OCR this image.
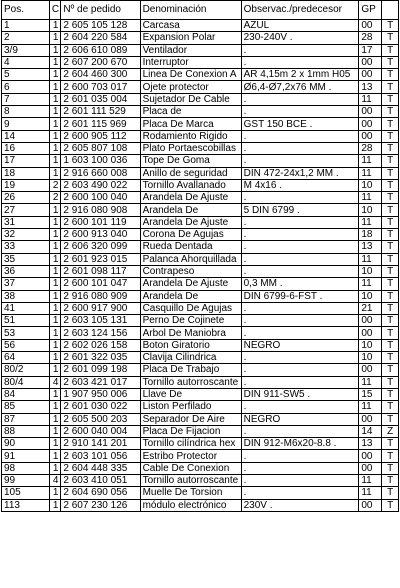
Pos.	C	Nº de pedido	Denominación	Observac./predecesor	GP	
1	1	2 605 105 128	Carcasa	AZUL	00	T
2	1	2 604 220 584	Expansion Polar	230-240V .	28	T
3/9	1	2 606 610 089	Ventilador	.	17	T
4	1	2 607 200 670	Interruptor	.	00	T
5	1	2 604 460 300	Linea De Conexion A	AR 4,15m 2 x 1mm H05	00	T
6	1	2 600 703 017	Ojete protector	Ø6,4-Ø7,2x76 MM .	13	T
7	1	2 601 035 004	Sujetador De Cable	.	11	T
8	1	2 601 111 529	Placa de	.	00	T
9	1	2 601 115 969	Placa De Marca	GST 150 BCE .	00	T
14	1	2 600 905 112	Rodamiento Rigido	.	00	T
16	1	2 605 807 108	Plato Portaescobillas	.	28	T
17	1	1 603 100 036	Tope De Goma	.	11	T
18	1	2 916 660 008	Anillo de seguridad	DIN 472-24x1,2 MM .	11	T
19	2	2 603 490 022	Tornillo Avallanado	M 4x16 .	10	T
26	2	2 600 100 040	Arandela De Ajuste	.	11	T
27	1	2 916 080 908	Arandela De	5 DIN 6799 .	10	T
31	1	2 600 101 119	Arandela De Ajuste	.	11	T
32	1	2 600 913 040	Corona De Agujas	.	18	T
33	1	2 606 320 099	Rueda Dentada	.	13	T
35	1	2 601 923 015	Palanca Ahorquillada	.	11	T
36	1	2 601 098 117	Contrapeso	.	10	T
37	1	2 600 101 047	Arandela De Ajuste	0,3 MM .	11	T
38	1	2 916 080 909	Arandela De	DIN 6799-6-FST .	10	T
41	1	2 600 917 900	Casquillo De Agujas	.	21	T
51	1	2 603 105 131	Perno De Cojinete	.	00	T
53	1	2 603 124 156	Arbol De Maniobra	.	00	T
56	1	2 602 026 158	Boton Giratorio	NEGRO	10	T
64	1	2 601 322 035	Clavija Cilindrica	.	10	T
80/2	1	2 601 099 198	Placa De Trabajo	.	00	T
80/4	4	2 603 421 017	Tornillo autorroscante	.	11	T
84	1	1 907 950 006	Llave De	DIN 911-SW5 .	15	T
85	1	2 601 030 022	Liston Perfilado	.	11	T
87	1	2 605 500 203	Separador De Aire	NEGRO	00	T
88	1	2 600 040 004	Placa De Fijacion	.	14	Z
90	1	2 910 141 201	Tornillo cilíndrica hex	DIN 912-M6x20-8.8 .	13	T
91	1	2 603 101 056	Estribo Protector	.	00	T
98	1	2 604 448 335	Cable De Conexion	.	00	T
99	4	2 603 410 051	Tornillo autorroscante	.	11	T
105	1	2 604 690 056	Muelle De Torsion	.	11	T
113	1	2 607 230 126	módulo electrónico	230V .	00	T
